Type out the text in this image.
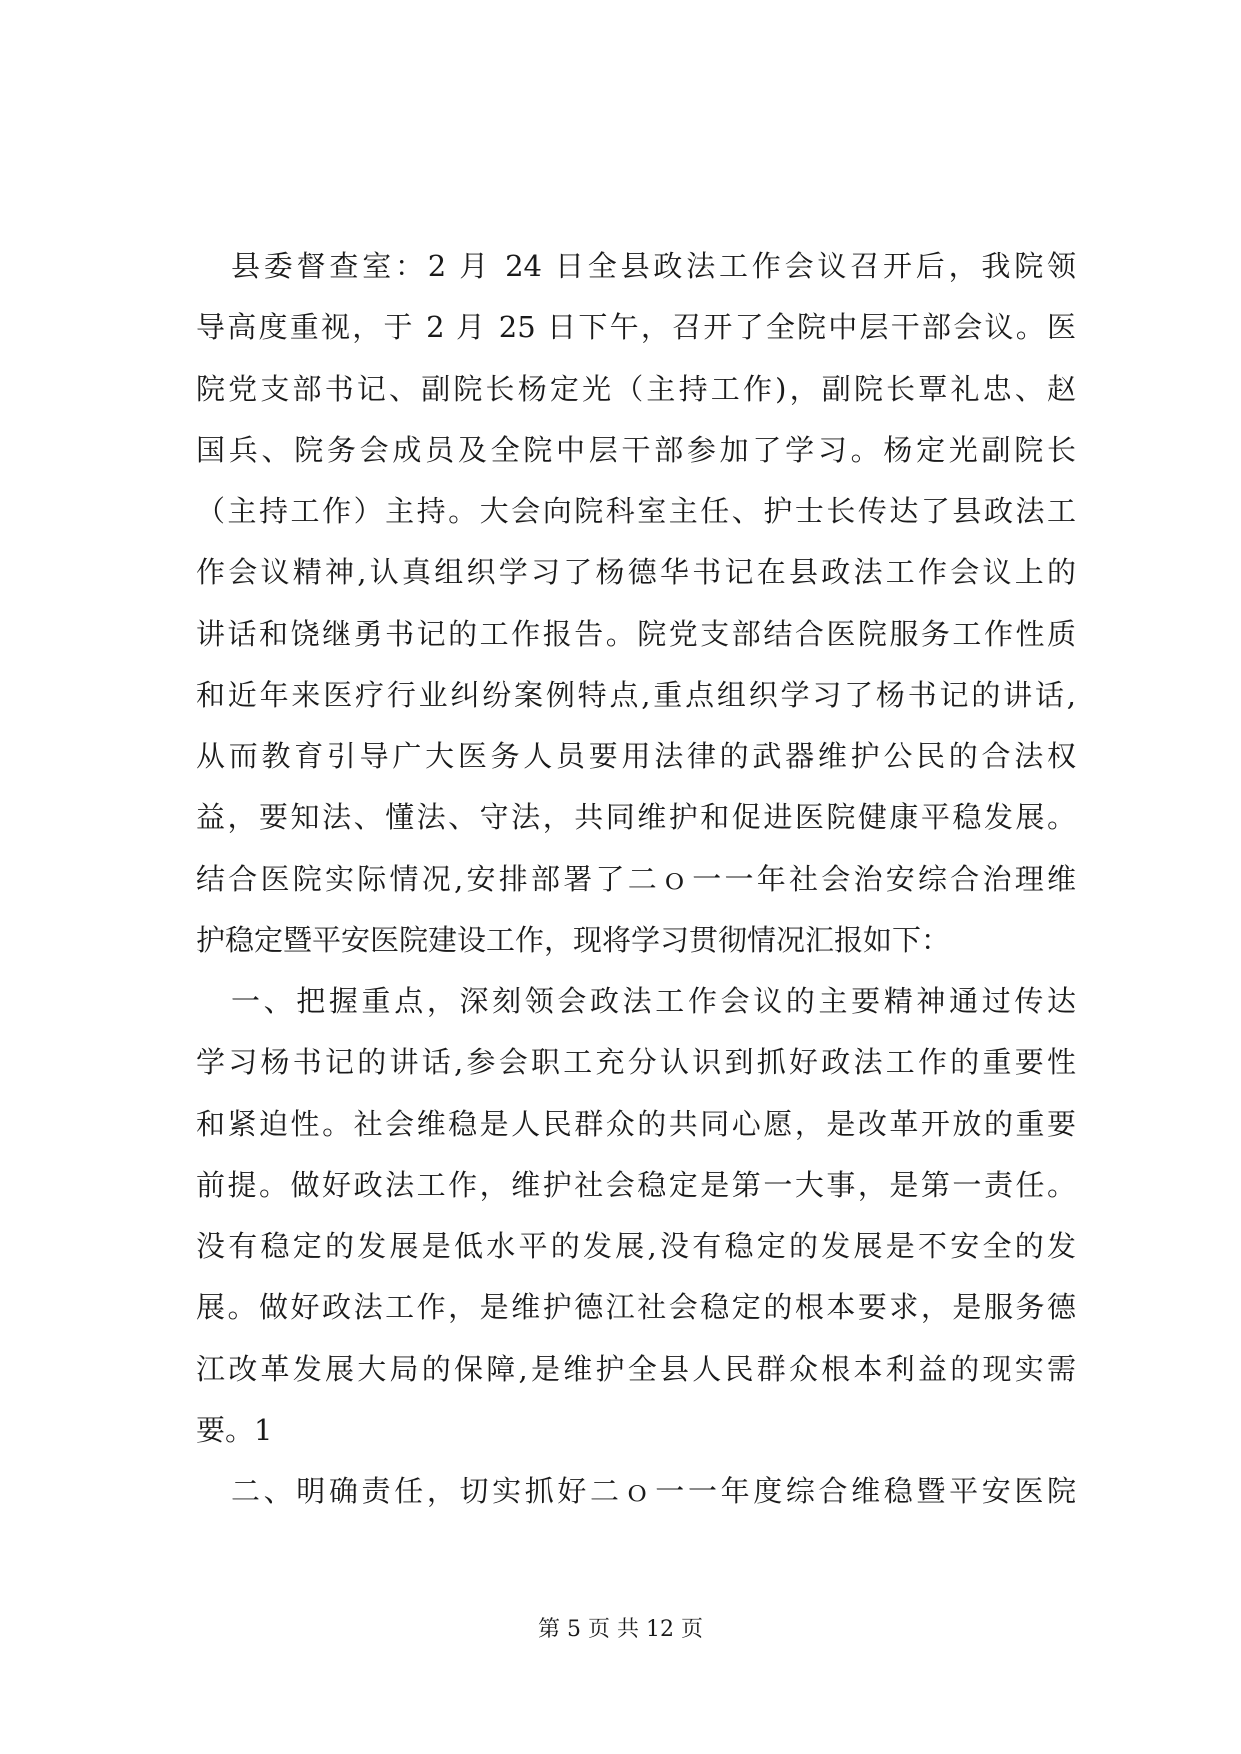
县委督查室：2 月 24 日全县政法工作会议召开后，我院领
导高度重视，于 2 月 25 日下午，召开了全院中层干部会议。医
院党支部书记、副院长杨定光（主持工作)，副院长覃礼忠、赵
国兵、院务会成员及全院中层干部参加了学习。杨定光副院长
（主持工作）主持。大会向院科室主任、护士长传达了县政法工
作会议精神,认真组织学习了杨德华书记在县政法工作会议上的
讲话和饶继勇书记的工作报告。院党支部结合医院服务工作性质
和近年来医疗行业纠纷案例特点,重点组织学习了杨书记的讲话,
从而教育引导广大医务人员要用法律的武器维护公民的合法权
益，要知法、懂法、守法，共同维护和促进医院健康平稳发展。
结合医院实际情况,安排部署了二ｏ一一年社会治安综合治理维
护稳定暨平安医院建设工作，现将学习贯彻情况汇报如下：
一、把握重点，深刻领会政法工作会议的主要精神通过传达
学习杨书记的讲话,参会职工充分认识到抓好政法工作的重要性
和紧迫性。社会维稳是人民群众的共同心愿，是改革开放的重要
前提。做好政法工作，维护社会稳定是第一大事，是第一责任。
没有稳定的发展是低水平的发展,没有稳定的发展是不安全的发
展。做好政法工作，是维护德江社会稳定的根本要求，是服务德
江改革发展大局的保障,是维护全县人民群众根本利益的现实需
要。1
二、明确责任，切实抓好二ｏ一一年度综合维稳暨平安医院
第 5 页 共 12 页
